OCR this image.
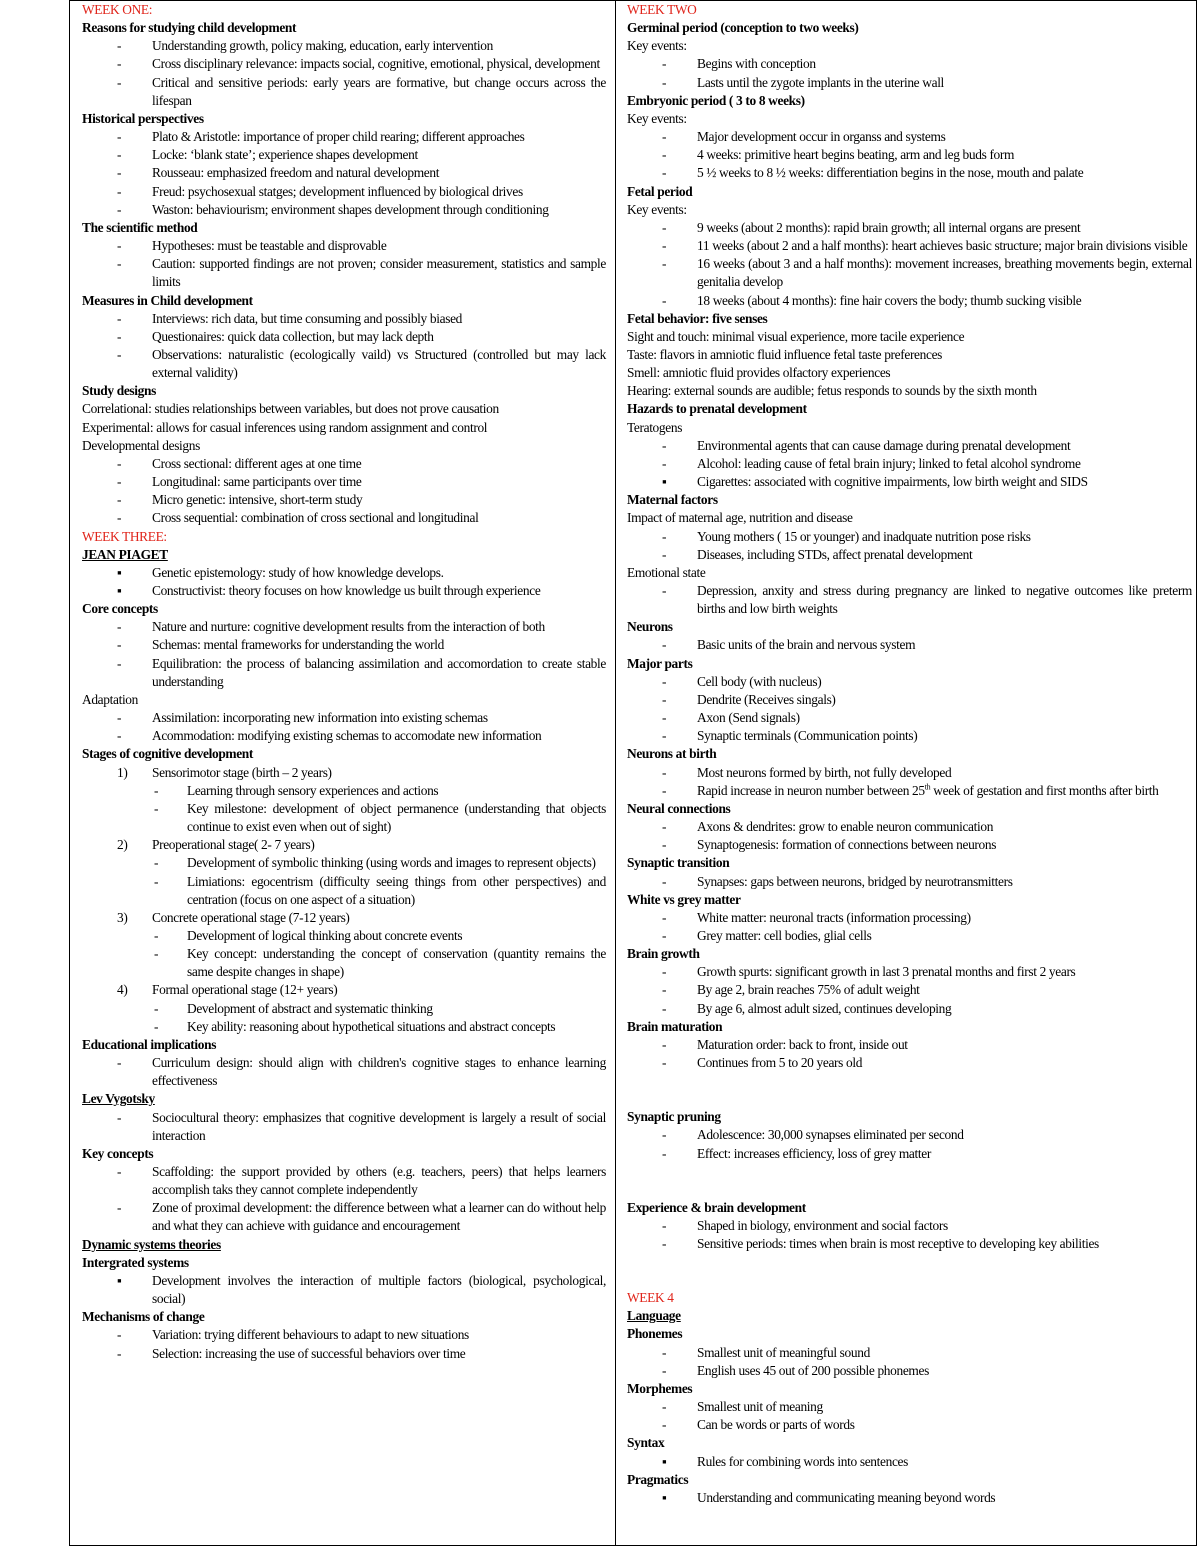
WEEK ONE:
Reasons for studying child development
- Understanding growth, policy making, education, early intervention
- Cross disciplinary relevance: impacts social, cognitive, emotional, physical, development
- Critical and sensitive periods: early years are formative, but change occurs across the lifespan
Historical perspectives
- Plato & Aristotle: importance of proper child rearing; different approaches
- Locke: ‘blank state’; experience shapes development
- Rousseau: emphasized freedom and natural development
- Freud: psychosexual statges; development influenced by biological drives
- Waston: behaviourism; environment shapes development through conditioning
The scientific method
- Hypotheses: must be teastable and disprovable
- Caution: supported findings are not proven; consider measurement, statistics and sample limits
Measures in Child development
- Interviews: rich data, but time consuming and possibly biased
- Questionaires: quick data collection, but may lack depth
- Observations: naturalistic (ecologically vaild) vs Structured (controlled but may lack external validity)
Study designs
Correlational: studies relationships between variables, but does not prove causation
Experimental: allows for casual inferences using random assignment and control
Developmental designs
- Cross sectional: different ages at one time
- Longitudinal: same participants over time
- Micro genetic: intensive, short-term study
- Cross sequential: combination of cross sectional and longitudinal
WEEK THREE:
JEAN PIAGET
▪ Genetic epistemology: study of how knowledge develops.
▪ Constructivist: theory focuses on how knowledge us built through experience
Core concepts
- Nature and nurture: cognitive development results from the interaction of both
- Schemas: mental frameworks for understanding the world
- Equilibration: the process of balancing assimilation and accomordation to create stable understanding
Adaptation
- Assimilation: incorporating new information into existing schemas
- Acommodation: modifying existing schemas to accomodate new information
Stages of cognitive development
1) Sensorimotor stage (birth – 2 years)
- Learning through sensory experiences and actions
- Key milestone: development of object permanence (understanding that objects continue to exist even when out of sight)
2) Preoperational stage( 2- 7 years)
- Development of symbolic thinking (using words and images to represent objects)
- Limiations: egocentrism (difficulty seeing things from other perspectives) and centration (focus on one aspect of a situation)
3) Concrete operational stage (7-12 years)
- Development of logical thinking about concrete events
- Key concept: understanding the concept of conservation (quantity remains the same despite changes in shape)
4) Formal operational stage (12+ years)
- Development of abstract and systematic thinking
- Key ability: reasoning about hypothetical situations and abstract concepts
Educational implications
- Curriculum design: should align with children's cognitive stages to enhance learning effectiveness
Lev Vygotsky
- Sociocultural theory: emphasizes that cognitive development is largely a result of social interaction
Key concepts
- Scaffolding: the support provided by others (e.g. teachers, peers) that helps learners accomplish taks they cannot complete independently
- Zone of proximal development: the difference between what a learner can do without help and what they can achieve with guidance and encouragement
Dynamic systems theories
Intergrated systems
▪ Development involves the interaction of multiple factors (biological, psychological, social)
Mechanisms of change
- Variation: trying different behaviours to adapt to new situations
- Selection: increasing the use of successful behaviors over time
WEEK TWO
Germinal period (conception to two weeks)
Key events:
- Begins with conception
- Lasts until the zygote implants in the uterine wall
Embryonic period ( 3 to 8 weeks)
Key events:
- Major development occur in organss and systems
- 4 weeks: primitive heart begins beating, arm and leg buds form
- 5 ½ weeks to 8 ½ weeks: differentiation begins in the nose, mouth and palate
Fetal period
Key events:
- 9 weeks (about 2 months): rapid brain growth; all internal organs are present
- 11 weeks (about 2 and a half months): heart achieves basic structure; major brain divisions visible
- 16 weeks (about 3 and a half months): movement increases, breathing movements begin, external genitalia develop
- 18 weeks (about 4 months): fine hair covers the body; thumb sucking visible
Fetal behavior: five senses
Sight and touch: minimal visual experience, more tacile experience
Taste: flavors in amniotic fluid influence fetal taste preferences
Smell: amniotic fluid provides olfactory experiences
Hearing: external sounds are audible; fetus responds to sounds by the sixth month
Hazards to prenatal development
Teratogens
- Environmental agents that can cause damage during prenatal development
- Alcohol: leading cause of fetal brain injury; linked to fetal alcohol syndrome
▪ Cigarettes: associated with cognitive impairments, low birth weight and SIDS
Maternal factors
Impact of maternal age, nutrition and disease
- Young mothers ( 15 or younger) and inadquate nutrition pose risks
- Diseases, including STDs, affect prenatal development
Emotional state
- Depression, anxity and stress during pregnancy are linked to negative outcomes like preterm births and low birth weights
Neurons
- Basic units of the brain and nervous system
Major parts
- Cell body (with nucleus)
- Dendrite (Receives singals)
- Axon (Send signals)
- Synaptic terminals (Communication points)
Neurons at birth
- Most neurons formed by birth, not fully developed
- Rapid increase in neuron number between 25th week of gestation and first months after birth
Neural connections
- Axons & dendrites: grow to enable neuron communication
- Synaptogenesis: formation of connections between neurons
Synaptic transition
- Synapses: gaps between neurons, bridged by neurotransmitters
White vs grey matter
- White matter: neuronal tracts (information processing)
- Grey matter: cell bodies, glial cells
Brain growth
- Growth spurts: significant growth in last 3 prenatal months and first 2 years
- By age 2, brain reaches 75% of adult weight
- By age 6, almost adult sized, continues developing
Brain maturation
- Maturation order: back to front, inside out
- Continues from 5 to 20 years old
Synaptic pruning
- Adolescence: 30,000 synapses eliminated per second
- Effect: increases efficiency, loss of grey matter
Experience & brain development
- Shaped in biology, environment and social factors
- Sensitive periods: times when brain is most receptive to developing key abilities
WEEK 4
Language
Phonemes
- Smallest unit of meaningful sound
- English uses 45 out of 200 possible phonemes
Morphemes
- Smallest unit of meaning
- Can be words or parts of words
Syntax
▪ Rules for combining words into sentences
Pragmatics
▪ Understanding and communicating meaning beyond words
